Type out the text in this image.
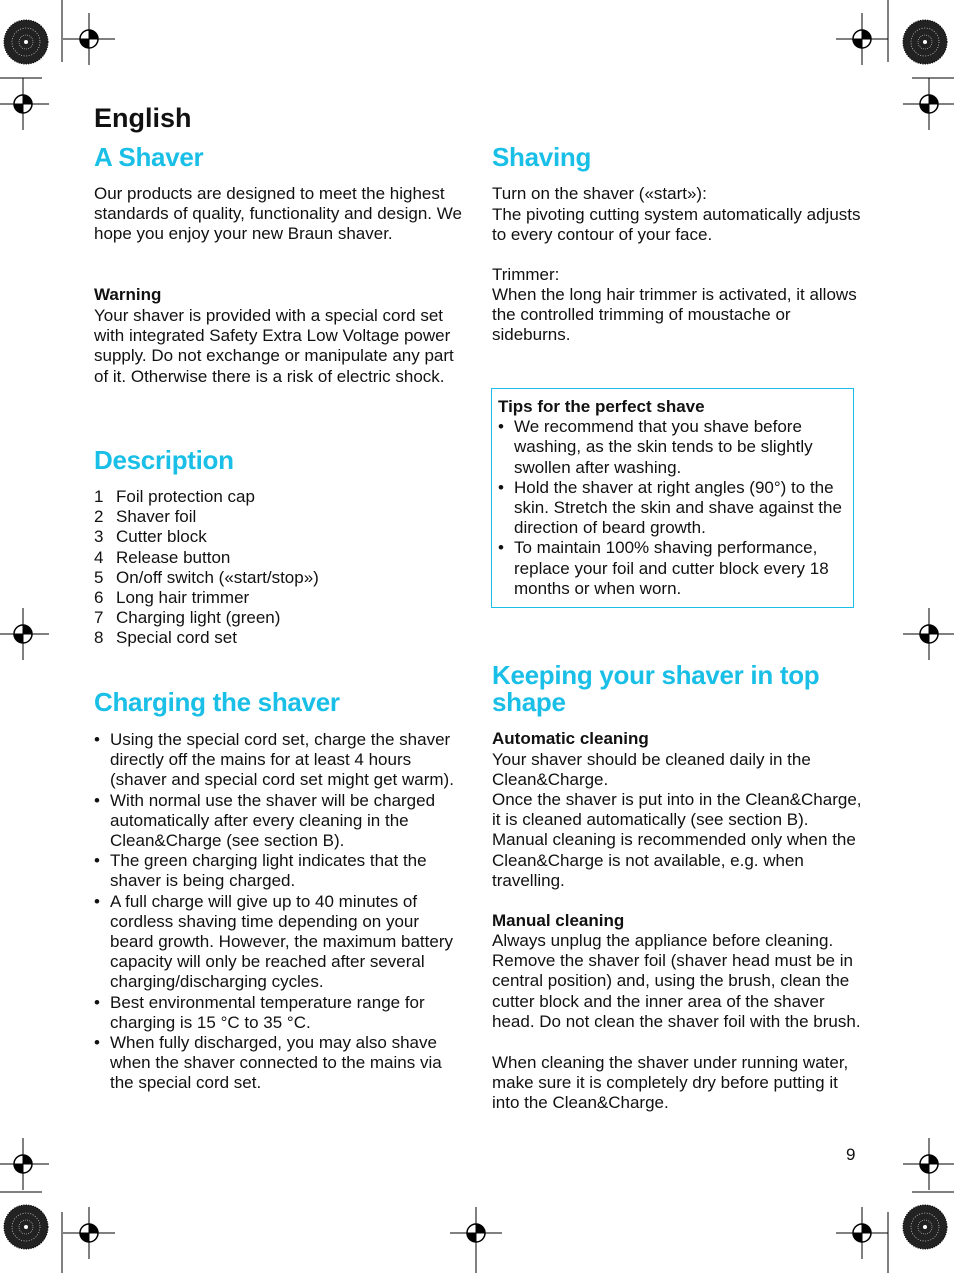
English
A Shaver

Our products are designed to meet the highest standards of quality, functionality and design. We hope you enjoy your new Braun shaver.

Warning

Your shaver is provided with a special cord set with integrated Safety Extra Low Voltage power supply. Do not exchange or manipulate any part of it. Otherwise there is a risk of electric shock.

Description
1 Foil protection cap
2 Shaver foil
3 Cutter block
4 Release button
5 On/off switch («start/stop»)
6 Long hair trimmer
7 Charging light (green)
8 Special cord set
Charging the shaver
• Using the special cord set, charge the shaver directly off the mains for at least 4 hours (shaver and special cord set might get warm).
• With normal use the shaver will be charged automatically after every cleaning in the Clean&Charge (see section B).
• The green charging light indicates that the shaver is being charged.
• A full charge will give up to 40 minutes of cordless shaving time depending on your beard growth. However, the maximum battery capacity will only be reached after several charging/discharging cycles.
• Best environmental temperature range for charging is 15 °C to 35 °C.
• When fully discharged, you may also shave when the shaver connected to the mains via the special cord set.
Shaving

Turn on the shaver («start»):

The pivoting cutting system automatically adjusts to every contour of your face.

Trimmer:

When the long hair trimmer is activated, it allows the controlled trimming of moustache or sideburns.

Tips for the perfect shave

• We recommend that you shave before washing, as the skin tends to be slightly swollen after washing.
• Hold the shaver at right angles (90°) to the skin. Stretch the skin and shave against the direction of beard growth.
• To maintain 100% shaving performance, replace your foil and cutter block every 18 months or when worn.
Keeping your shaver in top shape

Automatic cleaning

Your shaver should be cleaned daily in the Clean&Charge.

Once the shaver is put into in the Clean&Charge, it is cleaned automatically (see section B). Manual cleaning is recommended only when the Clean&Charge is not available, e.g. when travelling.

Manual cleaning

Always unplug the appliance before cleaning. Remove the shaver foil (shaver head must be in central position) and, using the brush, clean the cutter block and the inner area of the shaver head. Do not clean the shaver foil with the brush.

When cleaning the shaver under running water, make sure it is completely dry before putting it into the Clean&Charge.

9
